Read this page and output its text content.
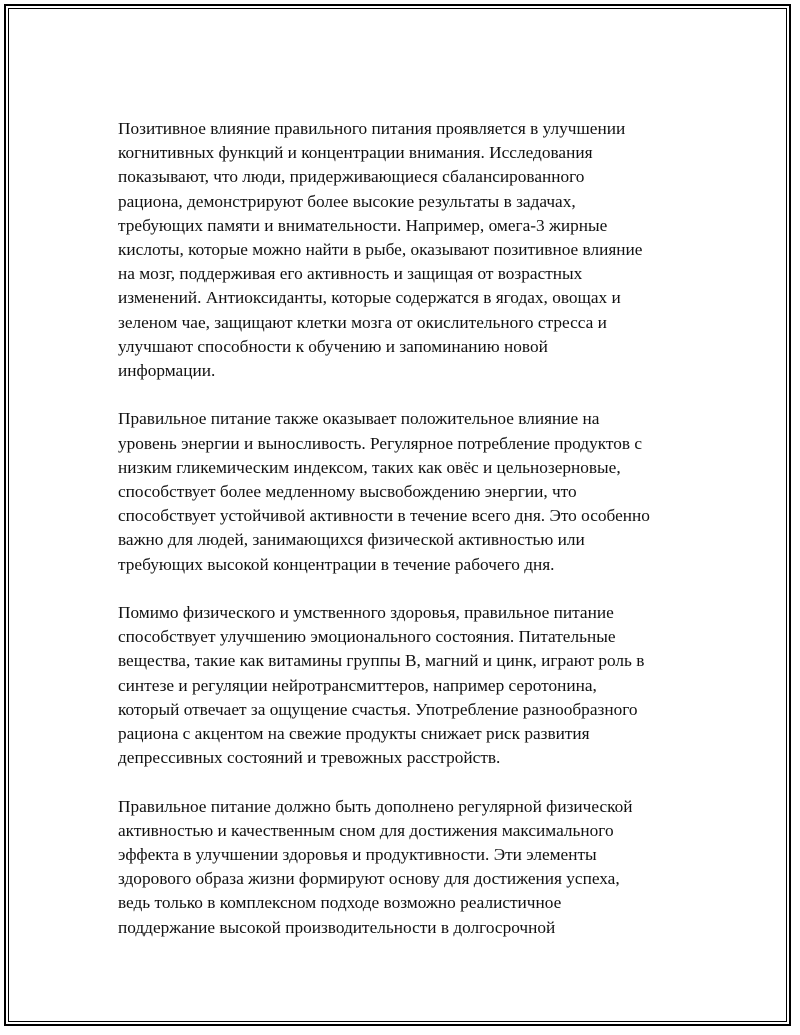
Позитивное влияние правильного питания проявляется в улучшении
когнитивных функций и концентрации внимания. Исследования
показывают, что люди, придерживающиеся сбалансированного
рациона, демонстрируют более высокие результаты в задачах,
требующих памяти и внимательности. Например, омега-3 жирные
кислоты, которые можно найти в рыбе, оказывают позитивное влияние
на мозг, поддерживая его активность и защищая от возрастных
изменений. Антиоксиданты, которые содержатся в ягодах, овощах и
зеленом чае, защищают клетки мозга от окислительного стресса и
улучшают способности к обучению и запоминанию новой
информации.

Правильное питание также оказывает положительное влияние на
уровень энергии и выносливость. Регулярное потребление продуктов с
низким гликемическим индексом, таких как овёс и цельнозерновые,
способствует более медленному высвобождению энергии, что
способствует устойчивой активности в течение всего дня. Это особенно
важно для людей, занимающихся физической активностью или
требующих высокой концентрации в течение рабочего дня.

Помимо физического и умственного здоровья, правильное питание
способствует улучшению эмоционального состояния. Питательные
вещества, такие как витамины группы B, магний и цинк, играют роль в
синтезе и регуляции нейротрансмиттеров, например серотонина,
который отвечает за ощущение счастья. Употребление разнообразного
рациона с акцентом на свежие продукты снижает риск развития
депрессивных состояний и тревожных расстройств.

Правильное питание должно быть дополнено регулярной физической
активностью и качественным сном для достижения максимального
эффекта в улучшении здоровья и продуктивности. Эти элементы
здорового образа жизни формируют основу для достижения успеха,
ведь только в комплексном подходе возможно реалистичное
поддержание высокой производительности в долгосрочной
